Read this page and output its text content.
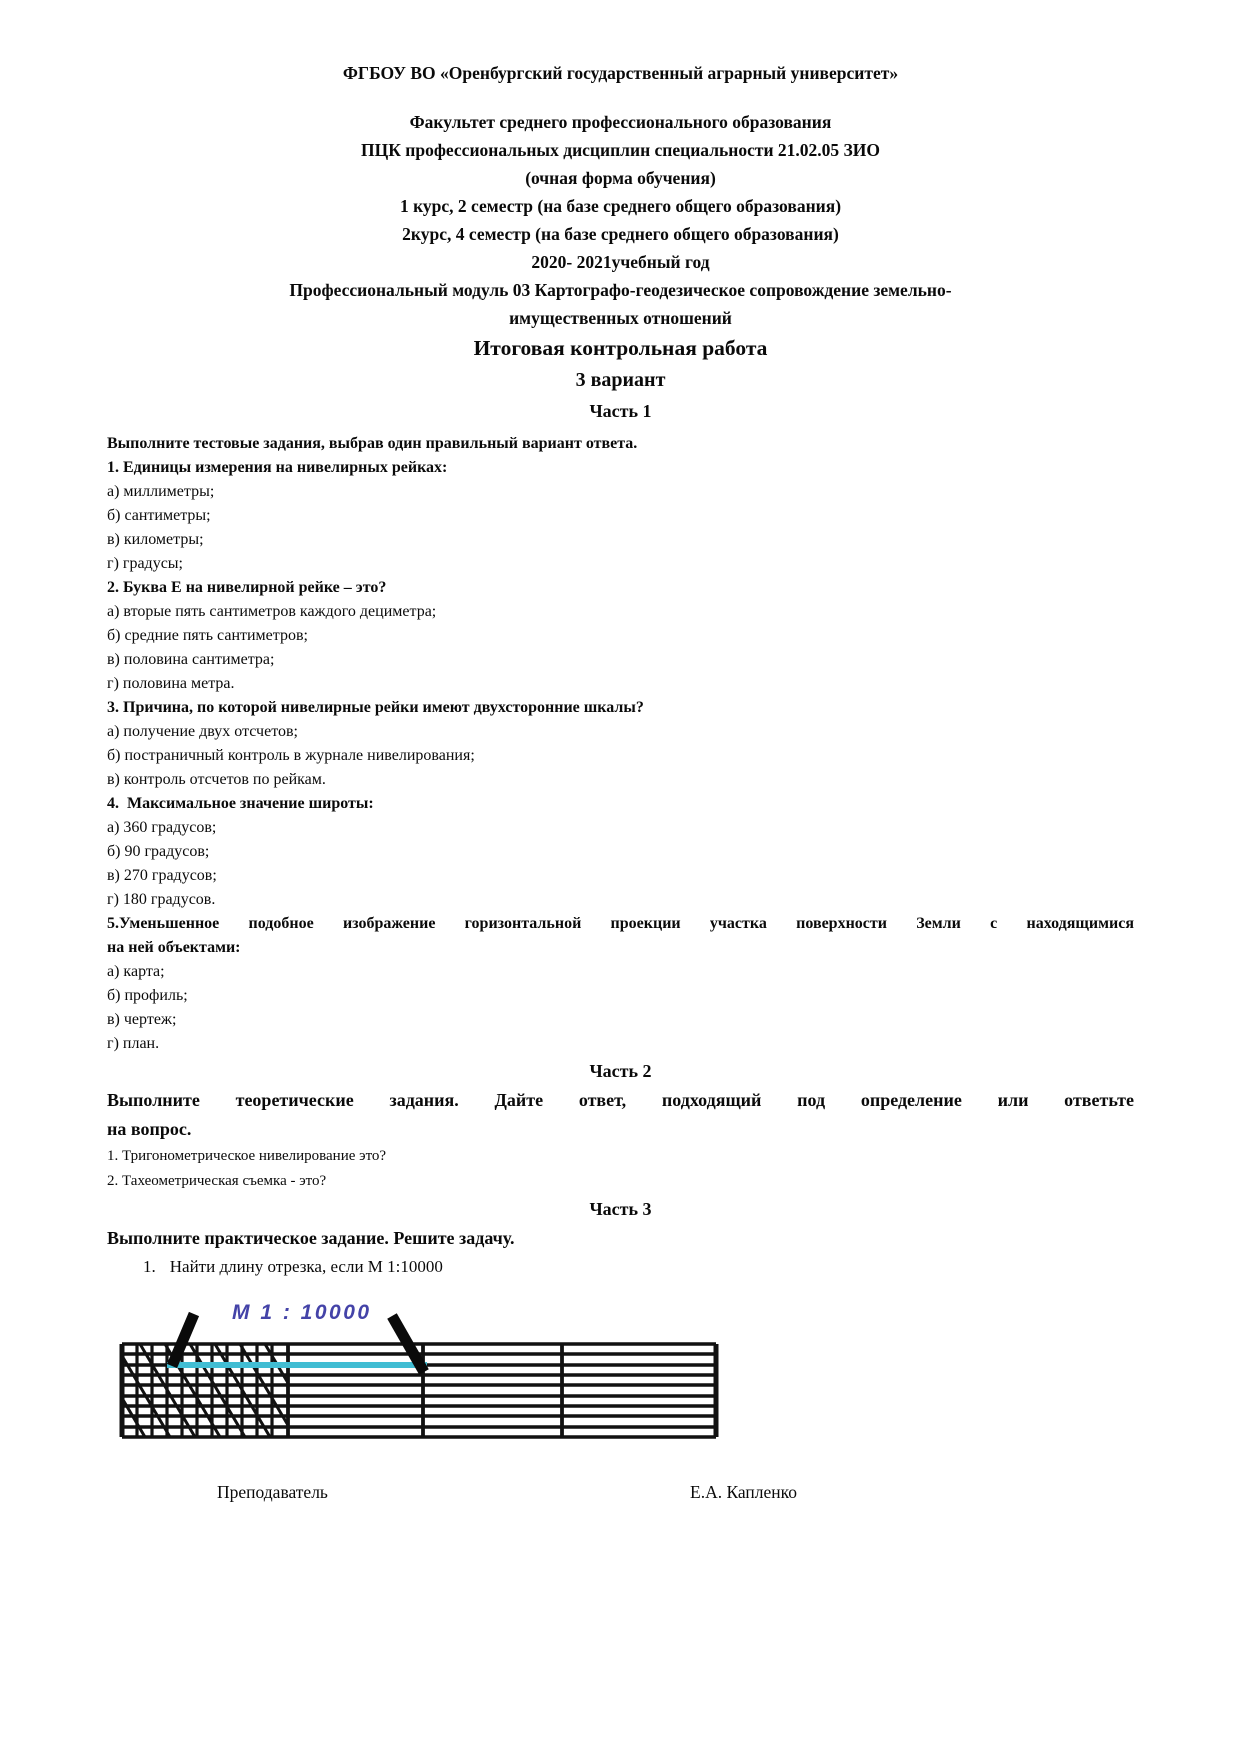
ФГБОУ ВО «Оренбургский государственный аграрный университет»
Факультет среднего профессионального образования
ПЦК профессиональных дисциплин специальности 21.02.05 ЗИО
(очная форма обучения)
1 курс, 2 семестр (на базе среднего общего образования)
2курс, 4 семестр (на базе среднего общего образования)
2020- 2021учебный год
Профессиональный модуль 03 Картографо-геодезическое сопровождение земельно-
имущественных отношений
Итоговая контрольная работа
3 вариант
Часть 1
Выполните тестовые задания, выбрав один правильный вариант ответа.
1. Единицы измерения на нивелирных рейках:
а) миллиметры;
б) сантиметры;
в) километры;
г) градусы;
2. Буква Е на нивелирной рейке – это?
а) вторые пять сантиметров каждого дециметра;
б) средние пять сантиметров;
в) половина сантиметра;
г) половина метра.
3. Причина, по которой нивелирные рейки имеют двухсторонние шкалы?
а) получение двух отсчетов;
б) постраничный контроль в журнале нивелирования;
в) контроль отсчетов по рейкам.
4.  Максимальное значение широты:
а) 360 градусов;
б) 90 градусов;
в) 270 градусов;
г) 180 градусов.
5.Уменьшенное подобное изображение горизонтальной проекции участка поверхности Земли с находящимися
на ней объектами:
а) карта;
б) профиль;
в) чертеж;
г) план.
Часть 2
Выполните теоретические задания. Дайте ответ, подходящий под определение или ответьте
на вопрос.
1. Тригонометрическое нивелирование это?
2. Тахеометрическая съемка - это?
Часть 3
Выполните практическое задание. Решите задачу.
1. Найти длину отрезка, если М 1:10000
M 1 : 10000
Преподаватель	Е.А. Капленко
